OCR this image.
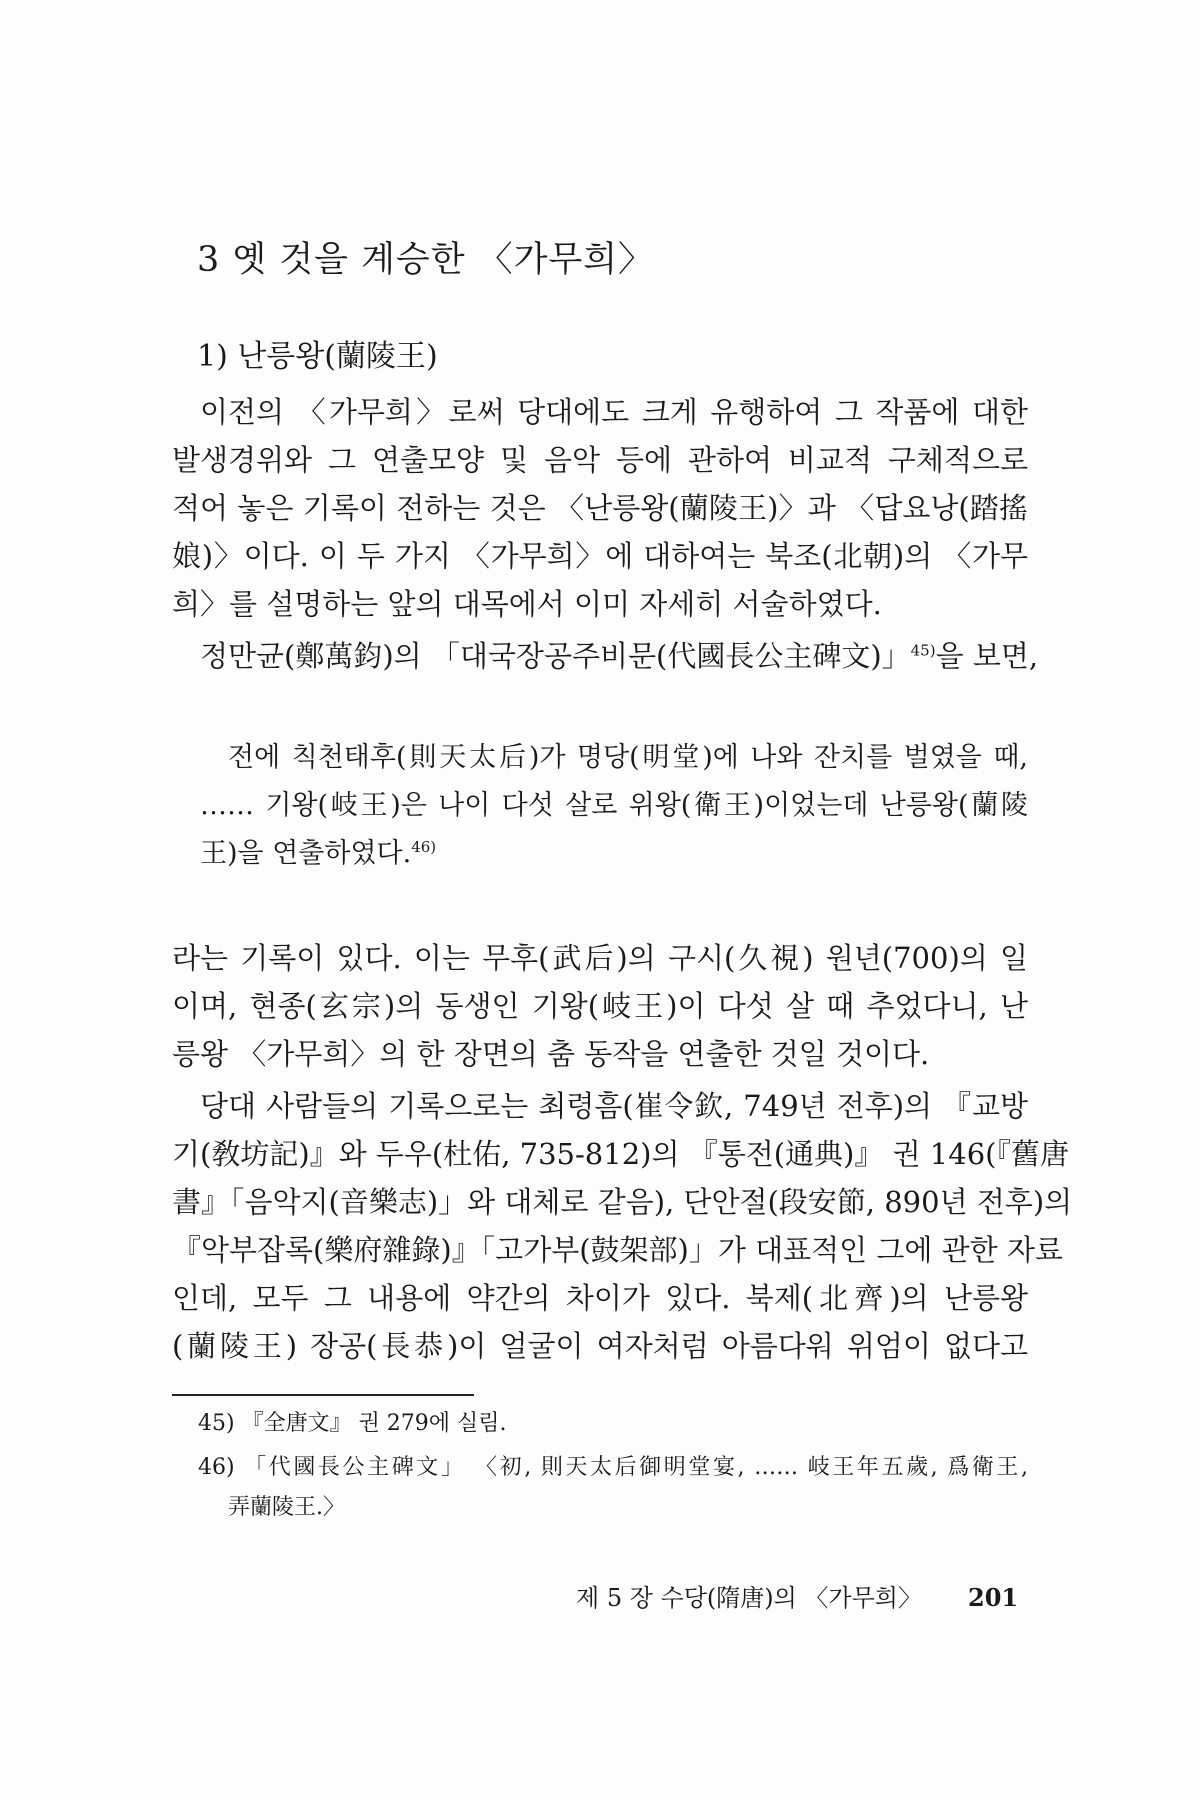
3 옛 것을 계승한 〈가무희〉
1) 난릉왕(蘭陵王)
이전의 〈가무희〉로써 당대에도 크게 유행하여 그 작품에 대한
발생경위와 그 연출모양 및 음악 등에 관하여 비교적 구체적으로
적어 놓은 기록이 전하는 것은 〈난릉왕(蘭陵王)〉과 〈답요낭(踏搖
娘)〉이다. 이 두 가지 〈가무희〉에 대하여는 북조(北朝)의 〈가무
희〉를 설명하는 앞의 대목에서 이미 자세히 서술하였다.
정만균(鄭萬鈞)의 「대국장공주비문(代國長公主碑文)」$^{45)}$을 보면,
전에 칙천태후(則天太后)가 명당(明堂)에 나와 잔치를 벌였을 때,
…… 기왕(岐王)은 나이 다섯 살로 위왕(衛王)이었는데 난릉왕(蘭陵
王)을 연출하였다.$^{46)}$
라는 기록이 있다. 이는 무후(武后)의 구시(久視) 원년(700)의 일
이며, 현종(玄宗)의 동생인 기왕(岐王)이 다섯 살 때 추었다니, 난
릉왕 〈가무희〉의 한 장면의 춤 동작을 연출한 것일 것이다.
당대 사람들의 기록으로는 최령흠(崔令欽, 749년 전후)의 『교방
기(敎坊記)』와 두우(杜佑, 735-812)의 『통전(通典)』 권 146(『舊唐
書』「음악지(音樂志)」와 대체로 같음), 단안절(段安節, 890년 전후)의
『악부잡록(樂府雜錄)』「고가부(鼓架部)」가 대표적인 그에 관한 자료
인데, 모두 그 내용에 약간의 차이가 있다. 북제(北齊)의 난릉왕
(蘭陵王) 장공(長恭)이 얼굴이 여자처럼 아름다워 위엄이 없다고
45) 『全唐文』 권 279에 실림.
46) 「代國長公主碑文」 〈初, 則天太后御明堂宴, …… 岐王年五歲, 爲衛王,
弄蘭陵王.〉
제 5 장 수당(隋唐)의 〈가무희〉 201
